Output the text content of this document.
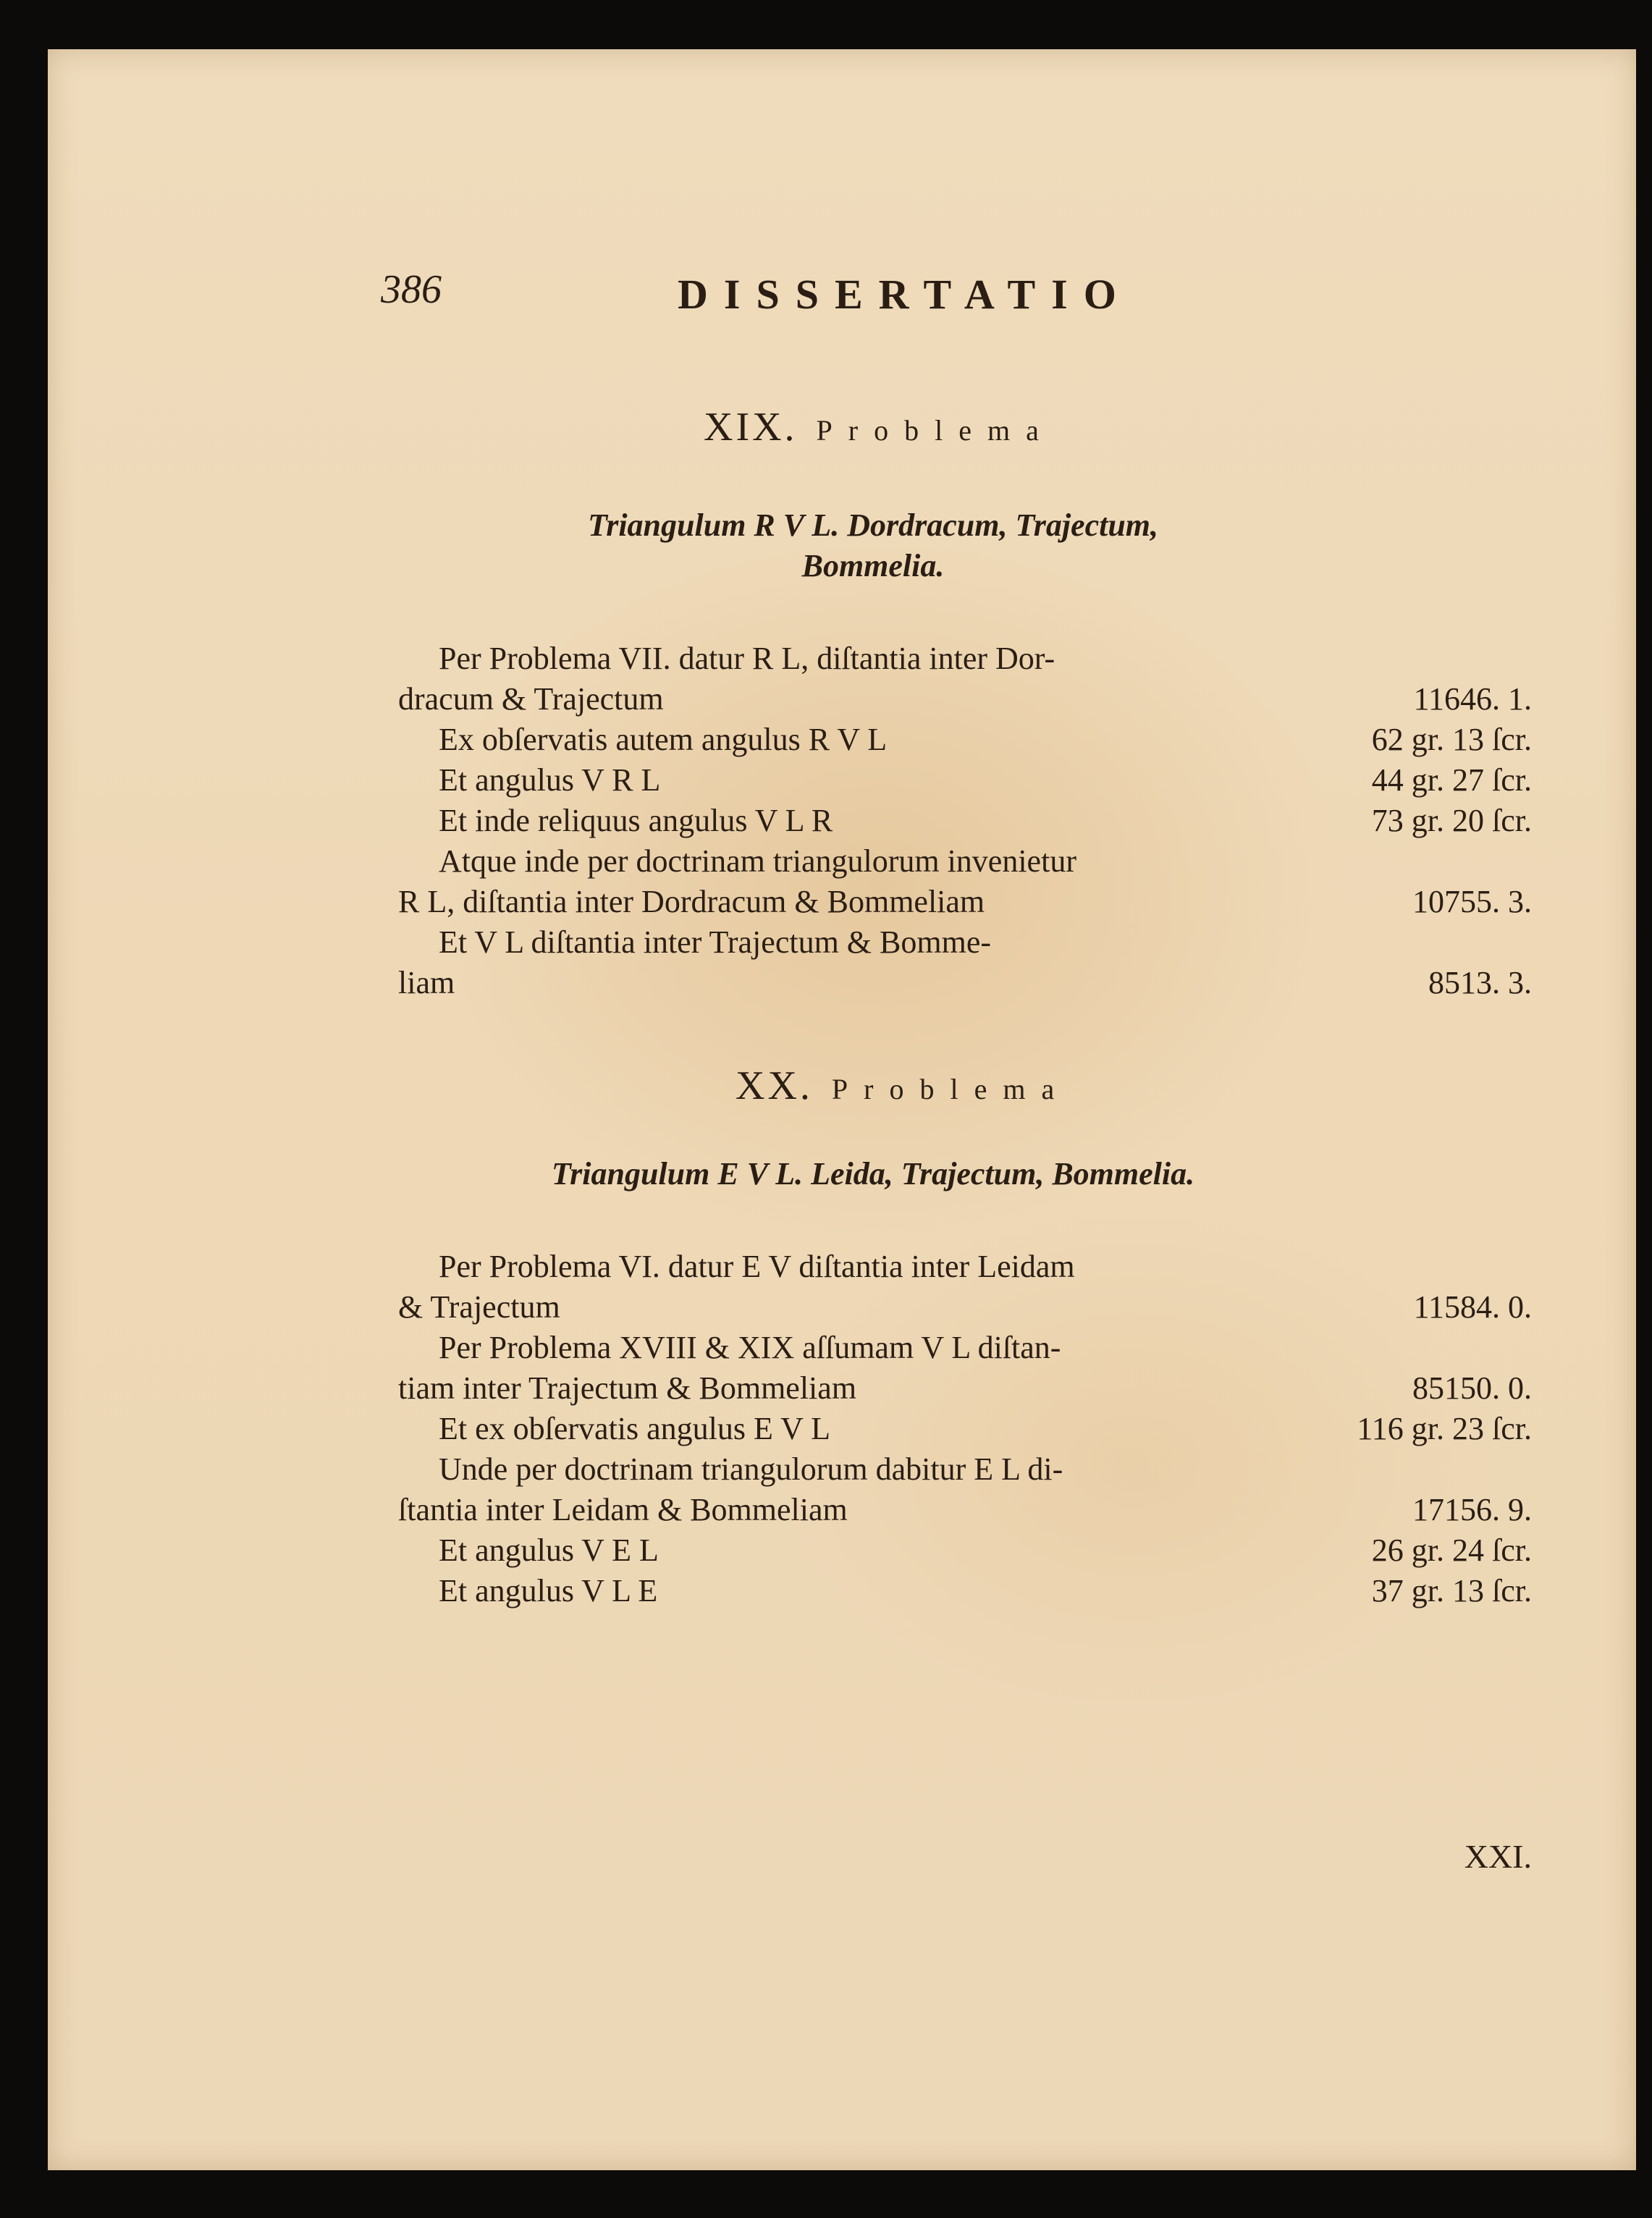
386	DISSERTATIO
XIX. Problema
Triangulum R V L. Dordracum, Trajectum,
Bommelia.
Per Problema VII. datur R L, diſtantia inter Dor-
dracum & Trajectum	11646. 1.
Ex obſervatis autem angulus R V L	62 gr. 13 ſcr.
Et angulus V R L	44 gr. 27 ſcr.
Et inde reliquus angulus V L R	73 gr. 20 ſcr.
Atque inde per doctrinam triangulorum invenietur
R L, diſtantia inter Dordracum & Bommeliam	10755. 3.
Et V L diſtantia inter Trajectum & Bomme-
liam	8513. 3.
XX. Problema
Triangulum E V L. Leida, Trajectum, Bommelia.
Per Problema VI. datur E V diſtantia inter Leidam
& Trajectum	11584. 0.
Per Problema XVIII & XIX aſſumam V L diſtan-
tiam inter Trajectum & Bommeliam	85150. 0.
Et ex obſervatis angulus E V L	116 gr. 23 ſcr.
Unde per doctrinam triangulorum dabitur E L di-
ſtantia inter Leidam & Bommeliam	17156. 9.
Et angulus V E L	26 gr. 24 ſcr.
Et angulus V L E	37 gr. 13 ſcr.
XXI.
